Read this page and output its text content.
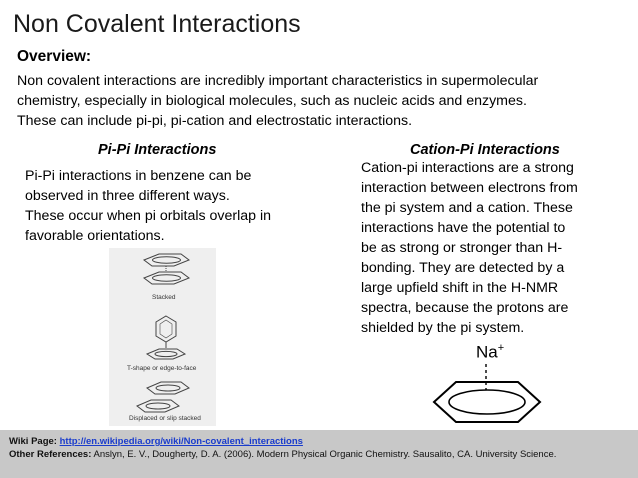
Non Covalent Interactions
Overview:
Non covalent interactions are incredibly important characteristics in supermolecular
chemistry, especially in biological molecules, such as nucleic acids and enzymes.
These can include pi-pi, pi-cation and electrostatic interactions.
Pi-Pi Interactions
Pi-Pi interactions in benzene can be
observed in three different ways.
These occur when pi orbitals overlap in
favorable orientations.
Cation-Pi Interactions
Cation-pi interactions are a strong
interaction between electrons from
the pi system and a cation. These
interactions have the potential to
be as strong or stronger than H-
bonding. They are detected by a
large upfield shift in the H-NMR
spectra, because the protons are
shielded by the pi system.
Stacked
T-shape or edge-to-face
Displaced or slip stacked
Na+
Wiki Page: http://en.wikipedia.org/wiki/Non-covalent_interactions
Other References: Anslyn, E. V., Dougherty, D. A. (2006). Modern Physical Organic Chemistry. Sausalito, CA. University Science.
